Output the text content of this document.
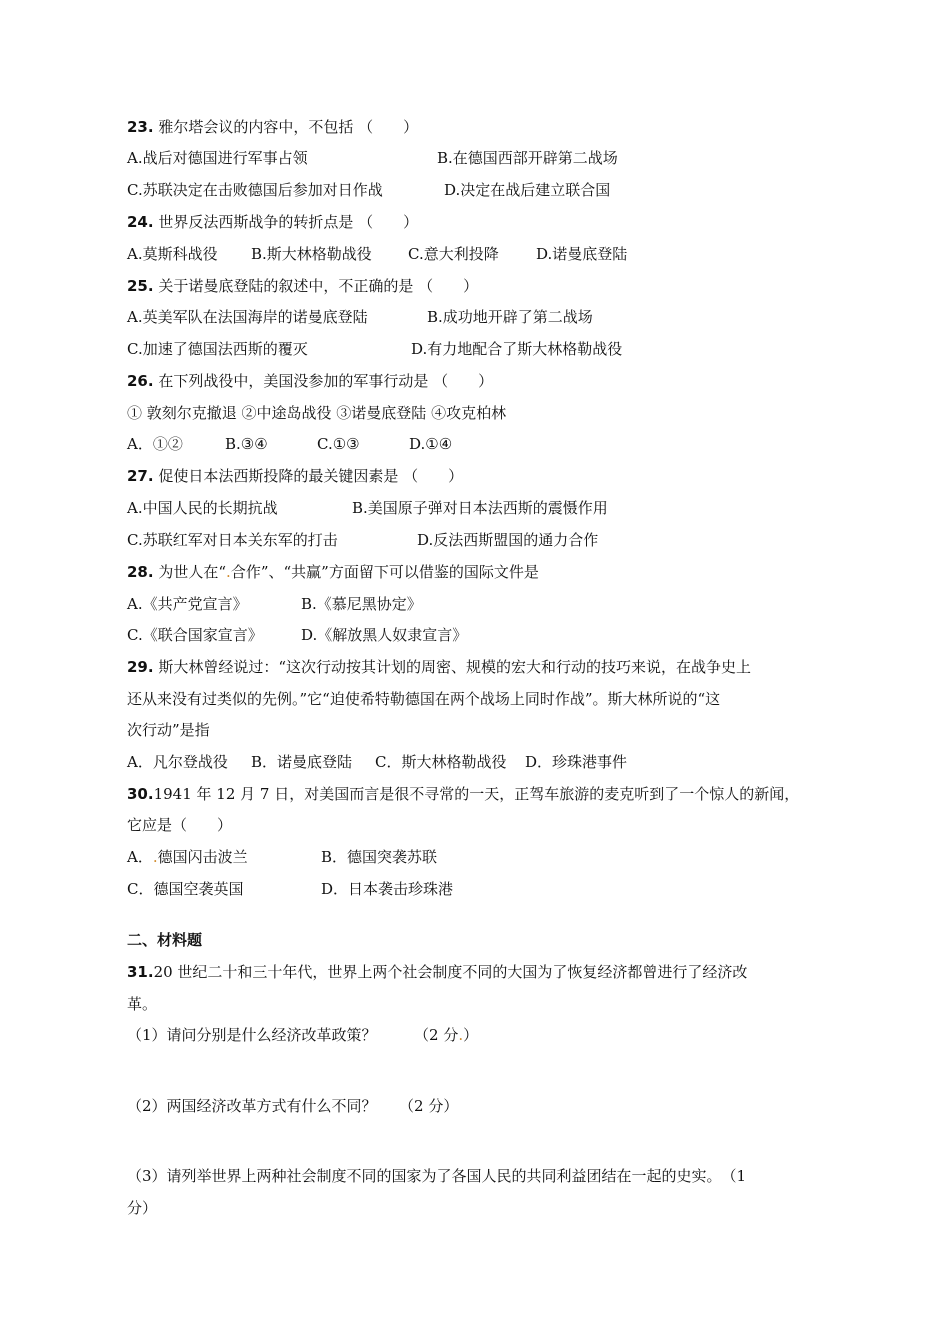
23. 雅尔塔会议的内容中，不包括 （　　）
A.战后对德国进行军事占领	B.在德国西部开辟第二战场
C.苏联决定在击败德国后参加对日作战	D.决定在战后建立联合国
24. 世界反法西斯战争的转折点是 （　　）
A.莫斯科战役 B.斯大林格勒战役 C.意大利投降 D.诺曼底登陆
25. 关于诺曼底登陆的叙述中，不正确的是 （　　）
A.英美军队在法国海岸的诺曼底登陆	B.成功地开辟了第二战场
C.加速了德国法西斯的覆灭	D.有力地配合了斯大林格勒战役
26. 在下列战役中，美国没参加的军事行动是 （　　）
① 敦刻尔克撤退 ②中途岛战役 ③诺曼底登陆 ④攻克柏林
A．①②	B.③④	C.①③	D.①④
27. 促使日本法西斯投降的最关键因素是 （　　）
A.中国人民的长期抗战	B.美国原子弹对日本法西斯的震慑作用
C.苏联红军对日本关东军的打击	D.反法西斯盟国的通力合作
28. 为世人在“.合作”、“共赢”方面留下可以借鉴的国际文件是
A.《共产党宣言》	B.《慕尼黑协定》
C.《联合国家宣言》	D.《解放黑人奴隶宣言》
29. 斯大林曾经说过：“这次行动按其计划的周密、规模的宏大和行动的技巧来说，在战争史上
还从来没有过类似的先例。”它“迫使希特勒德国在两个战场上同时作战”。斯大林所说的“这
次行动”是指
A．凡尔登战役 B．诺曼底登陆 C．斯大林格勒战役 D．珍珠港事件
30.1941 年 12 月 7 日，对美国而言是很不寻常的一天，正驾车旅游的麦克听到了一个惊人的新闻，
它应是（　　）
A．.德国闪击波兰	B．德国突袭苏联
C．德国空袭英国	D．日本袭击珍珠港
二、材料题
31.20 世纪二十和三十年代，世界上两个社会制度不同的大国为了恢复经济都曾进行了经济改
革。
（1）请问分别是什么经济改革政策？　　　（2 分.）
（2）两国经济改革方式有什么不同？　　（2 分）
（3）请列举世界上两种社会制度不同的国家为了各国人民的共同利益团结在一起的史实。　（1
分）
